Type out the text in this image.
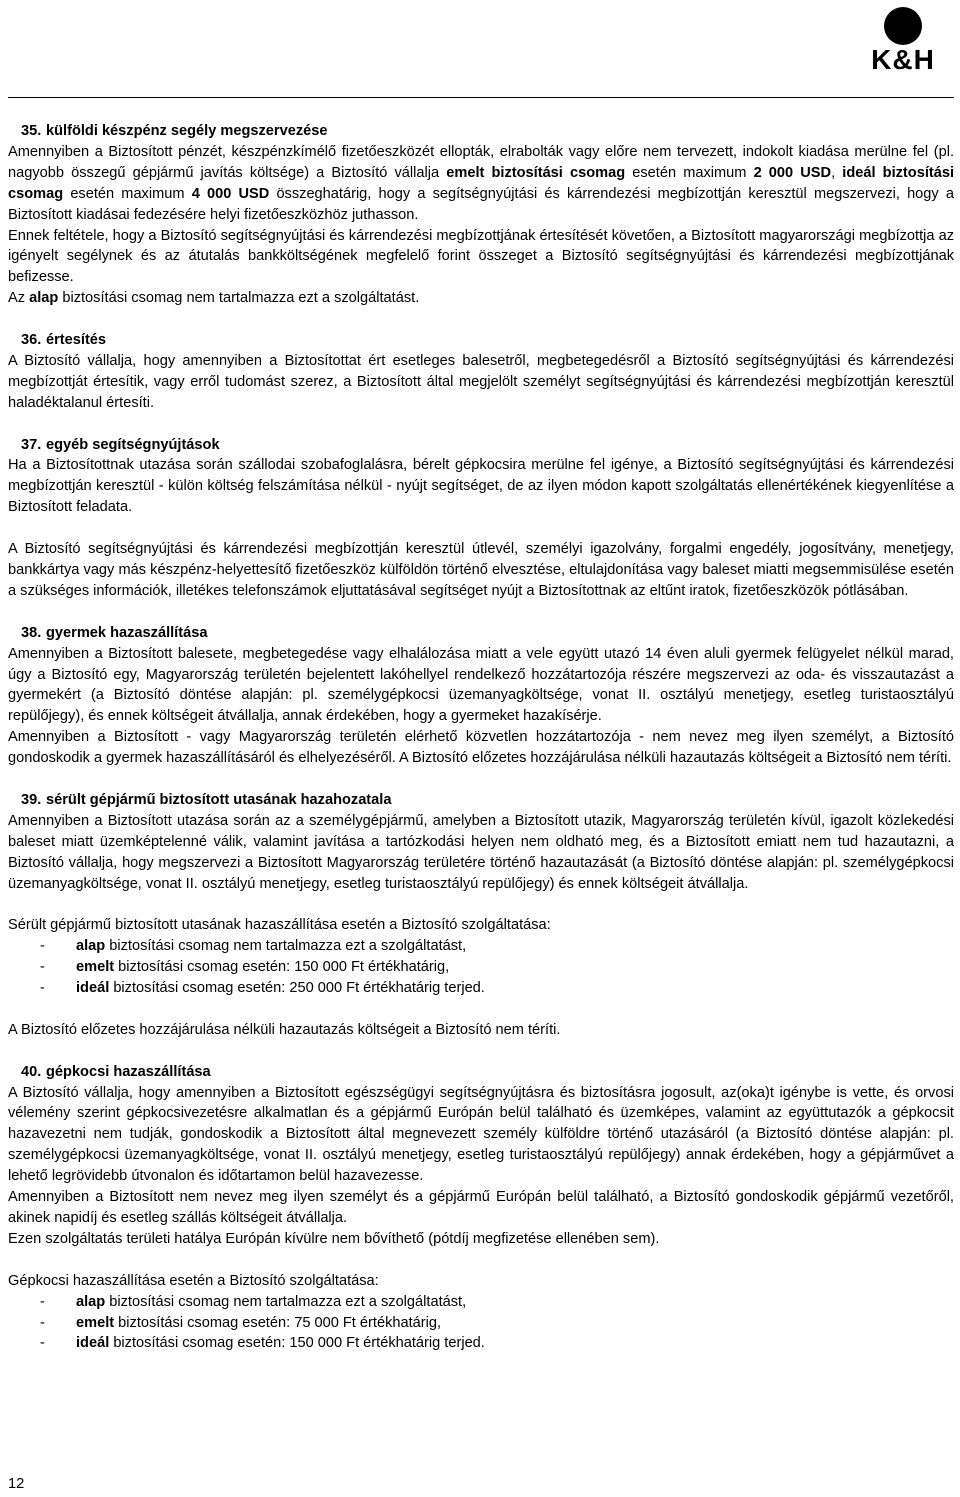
K&H

35. külföldi készpénz segély megszervezése

Amennyiben a Biztosított pénzét, készpénzkímélő fizetőeszközét ellopták, elrabolták vagy előre nem tervezett, indokolt kiadása merülne fel (pl. nagyobb összegű gépjármű javítás költsége) a Biztosító vállalja emelt biztosítási csomag esetén maximum 2 000 USD, ideál biztosítási csomag esetén maximum 4 000 USD összeghatárig, hogy a segítségnyújtási és kárrendezési megbízottján keresztül megszervezi, hogy a Biztosított kiadásai fedezésére helyi fizetőeszközhöz juthasson.

Ennek feltétele, hogy a Biztosító segítségnyújtási és kárrendezési megbízottjának értesítését követően, a Biztosított magyarországi megbízottja az igényelt segélynek és az átutalás bankköltségének megfelelő forint összeget a Biztosító segítségnyújtási és kárrendezési megbízottjának befizesse.

Az alap biztosítási csomag nem tartalmazza ezt a szolgáltatást.

36. értesítés

A Biztosító vállalja, hogy amennyiben a Biztosítottat ért esetleges balesetről, megbetegedésről a Biztosító segítségnyújtási és kárrendezési megbízottját értesítik, vagy erről tudomást szerez, a Biztosított által megjelölt személyt segítségnyújtási és kárrendezési megbízottján keresztül haladéktalanul értesíti.

37. egyéb segítségnyújtások

Ha a Biztosítottnak utazása során szállodai szobafoglalásra, bérelt gépkocsira merülne fel igénye, a Biztosító segítségnyújtási és kárrendezési megbízottján keresztül - külön költség felszámítása nélkül - nyújt segítséget, de az ilyen módon kapott szolgáltatás ellenértékének kiegyenlítése a Biztosított feladata.

A Biztosító segítségnyújtási és kárrendezési megbízottján keresztül útlevél, személyi igazolvány, forgalmi engedély, jogosítvány, menetjegy, bankkártya vagy más készpénz-helyettesítő fizetőeszköz külföldön történő elvesztése, eltulajdonítása vagy baleset miatti megsemmisülése esetén a szükséges információk, illetékes telefonszámok eljuttatásával segítséget nyújt a Biztosítottnak az eltűnt iratok, fizetőeszközök pótlásában.

38. gyermek hazaszállítása

Amennyiben a Biztosított balesete, megbetegedése vagy elhalálozása miatt a vele együtt utazó 14 éven aluli gyermek felügyelet nélkül marad, úgy a Biztosító egy, Magyarország területén bejelentett lakóhellyel rendelkező hozzátartozója részére megszervezi az oda- és visszautazást a gyermekért (a Biztosító döntése alapján: pl. személygépkocsi üzemanyagköltsége, vonat II. osztályú menetjegy, esetleg turistaosztályú repülőjegy), és ennek költségeit átvállalja, annak érdekében, hogy a gyermeket hazakísérje.

Amennyiben a Biztosított - vagy Magyarország területén elérhető közvetlen hozzátartozója - nem nevez meg ilyen személyt, a Biztosító gondoskodik a gyermek hazaszállításáról és elhelyezéséről. A Biztosító előzetes hozzájárulása nélküli hazautazás költségeit a Biztosító nem téríti.

39. sérült gépjármű biztosított utasának hazahozatala

Amennyiben a Biztosított utazása során az a személygépjármű, amelyben a Biztosított utazik, Magyarország területén kívül, igazolt közlekedési baleset miatt üzemképtelenné válik, valamint javítása a tartózkodási helyen nem oldható meg, és a Biztosított emiatt nem tud hazautazni, a Biztosító vállalja, hogy megszervezi a Biztosított Magyarország területére történő hazautazását (a Biztosító döntése alapján: pl. személygépkocsi üzemanyagköltsége, vonat II. osztályú menetjegy, esetleg turistaosztályú repülőjegy) és ennek költségeit átvállalja.

Sérült gépjármű biztosított utasának hazaszállítása esetén a Biztosító szolgáltatása:

- alap biztosítási csomag nem tartalmazza ezt a szolgáltatást,
- emelt biztosítási csomag esetén: 150 000 Ft értékhatárig,
- ideál biztosítási csomag esetén: 250 000 Ft értékhatárig terjed.

A Biztosító előzetes hozzájárulása nélküli hazautazás költségeit a Biztosító nem téríti.

40. gépkocsi hazaszállítása

A Biztosító vállalja, hogy amennyiben a Biztosított egészségügyi segítségnyújtásra és biztosításra jogosult, az(oka)t igénybe is vette, és orvosi vélemény szerint gépkocsivezetésre alkalmatlan és a gépjármű Európán belül található és üzemképes, valamint az együttutazók a gépkocsit hazavezetni nem tudják, gondoskodik a Biztosított által megnevezett személy külföldre történő utazásáról (a Biztosító döntése alapján: pl. személygépkocsi üzemanyagköltsége, vonat II. osztályú menetjegy, esetleg turistaosztályú repülőjegy) annak érdekében, hogy a gépjárművet a lehető legrövidebb útvonalon és időtartamon belül hazavezesse.

Amennyiben a Biztosított nem nevez meg ilyen személyt és a gépjármű Európán belül található, a Biztosító gondoskodik gépjármű vezetőről, akinek napidíj és esetleg szállás költségeit átvállalja.

Ezen szolgáltatás területi hatálya Európán kívülre nem bővíthető (pótdíj megfizetése ellenében sem).

Gépkocsi hazaszállítása esetén a Biztosító szolgáltatása:

- alap biztosítási csomag nem tartalmazza ezt a szolgáltatást,
- emelt biztosítási csomag esetén: 75 000 Ft értékhatárig,
- ideál biztosítási csomag esetén: 150 000 Ft értékhatárig terjed.
12
